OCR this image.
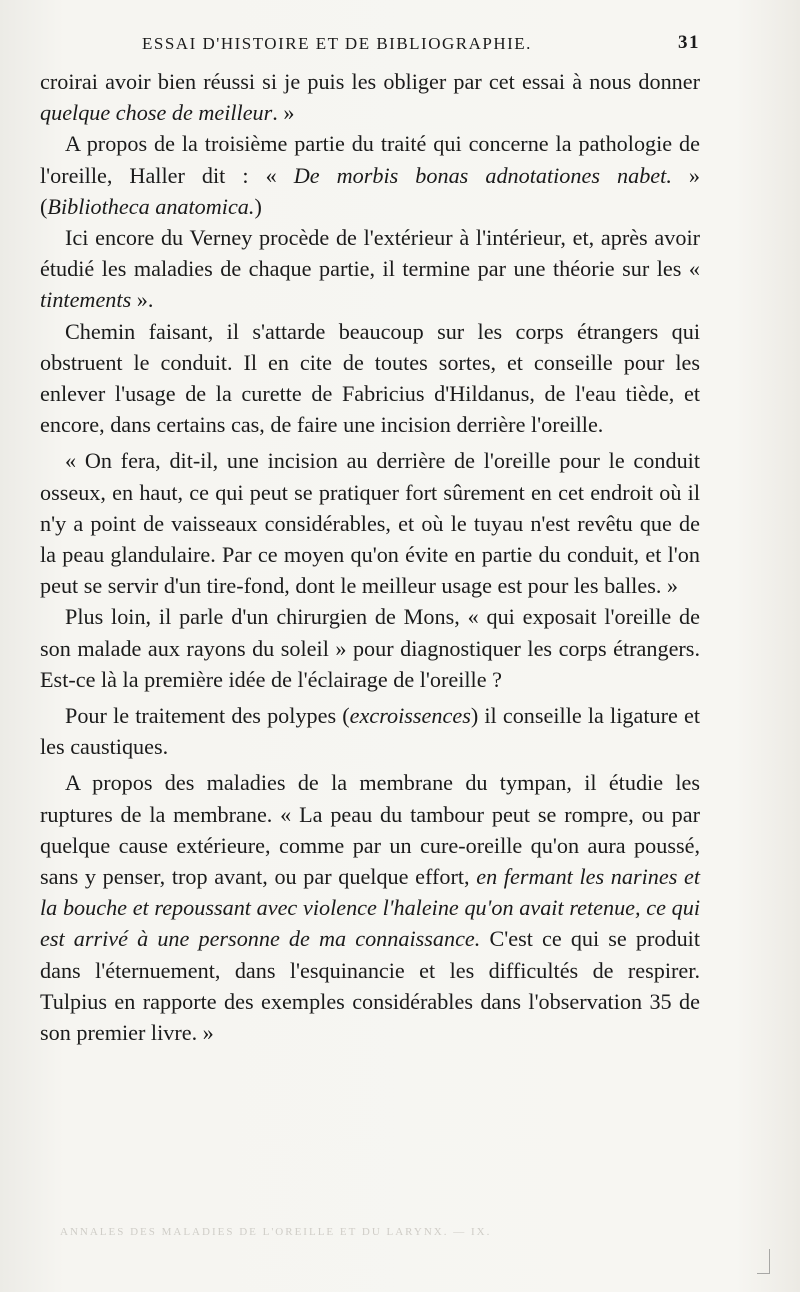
ESSAI D'HISTOIRE ET DE BIBLIOGRAPHIE.	31

croirai avoir bien réussi si je puis les obliger par cet essai à nous donner quelque chose de meilleur. »

A propos de la troisième partie du traité qui concerne la pathologie de l'oreille, Haller dit : « De morbis bonas adnotationes nabet. » (Bibliotheca anatomica.)

Ici encore du Verney procède de l'extérieur à l'intérieur, et, après avoir étudié les maladies de chaque partie, il termine par une théorie sur les « tintements ».

Chemin faisant, il s'attarde beaucoup sur les corps étrangers qui obstruent le conduit. Il en cite de toutes sortes, et conseille pour les enlever l'usage de la curette de Fabricius d'Hildanus, de l'eau tiède, et encore, dans certains cas, de faire une incision derrière l'oreille.

« On fera, dit-il, une incision au derrière de l'oreille pour le conduit osseux, en haut, ce qui peut se pratiquer fort sûrement en cet endroit où il n'y a point de vaisseaux considérables, et où le tuyau n'est revêtu que de la peau glandulaire. Par ce moyen qu'on évite en partie du conduit, et l'on peut se servir d'un tire-fond, dont le meilleur usage est pour les balles. »

Plus loin, il parle d'un chirurgien de Mons, « qui exposait l'oreille de son malade aux rayons du soleil » pour diagnostiquer les corps étrangers. Est-ce là la première idée de l'éclairage de l'oreille ?

Pour le traitement des polypes (excroissences) il conseille la ligature et les caustiques.

A propos des maladies de la membrane du tympan, il étudie les ruptures de la membrane. « La peau du tambour peut se rompre, ou par quelque cause extérieure, comme par un cure-oreille qu'on aura poussé, sans y penser, trop avant, ou par quelque effort, en fermant les narines et la bouche et repoussant avec violence l'haleine qu'on avait retenue, ce qui est arrivé à une personne de ma connaissance. C'est ce qui se produit dans l'éternuement, dans l'esquinancie et les difficultés de respirer. Tulpius en rapporte des exemples considérables dans l'observation 35 de son premier livre. »

ANNALES DES MALADIES DE L'OREILLE ET DU LARYNX. — IX.
